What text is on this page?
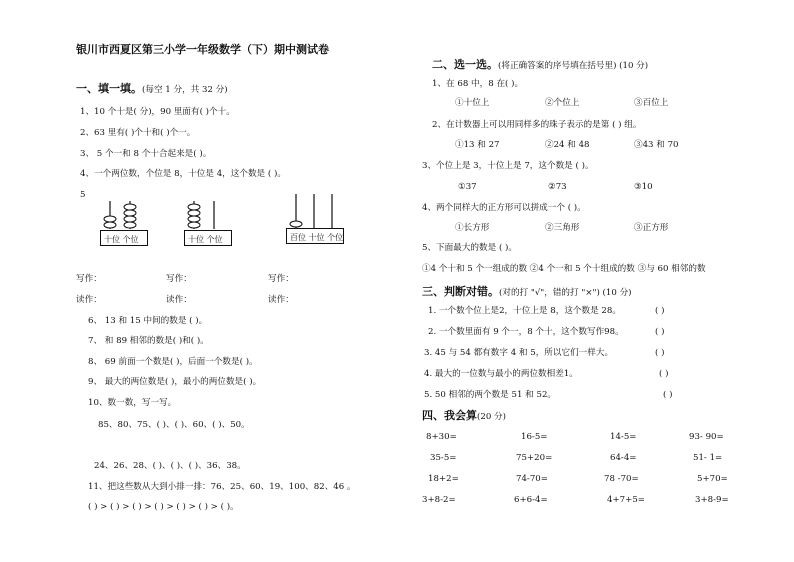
银川市西夏区第三小学一年级数学（下）期中测试卷
一、填一填。(每空 1 分，共 32 分)
1、10 个十是( 分)，90 里面有( )个十。
2、63 里有( )个十和( )个一。
3、 5 个一和 8 个十合起来是( )。
4、一个两位数，个位是 8，十位是 4，这个数是 ( )。
5
十位 个位	十位 个位	百位 十位 个位
写作：	写作：	写作：
读作：	读作：	读作：
6、 13 和 15 中间的数是 ( )。
7、 和 89 相邻的数是( )和( )。
8、 69 前面一个数是( )，后面一个数是( )。
9、 最大的两位数是( )，最小的两位数是( )。
10、数一数，写一写。
85、80、75、( )、( )、60、( )、50。
24、26、28、( )、( )、( )、36、38。
11、把这些数从大到小排一排：76、25、60、19、100、82、46 。
( ) > ( ) > ( ) > ( ) > ( ) > ( ) > ( )。
二、选一选。(将正确答案的序号填在括号里) (10 分)
1、在 68 中，8 在( )。
①十位上	②个位上	③百位上
2、在计数器上可以用同样多的珠子表示的是第 ( ) 组。
①13 和 27	②24 和 48	③43 和 70
3、个位上是 3，十位上是 7，这个数是 ( )。
①37	②73	③10
4、两个同样大的正方形可以拼成一个 ( )。
①长方形	②三角形	③正方形
5、下面最大的数是 ( )。
①4 个十和 5 个一组成的数 ②4 个一和 5 个十组成的数 ③与 60 相邻的数
三、判断对错。(对的打 "√"，错的打 "×") (10 分)
1. 一个数个位上是2，十位上是 8，这个数是 28。	( )
2. 一个数里面有 9 个一，8 个十，这个数写作98。	( )
3. 45 与 54 都有数字 4 和 5，所以它们一样大。	( )
4. 最大的一位数与最小的两位数相差1。	( )
5. 50 相邻的两个数是 51 和 52。	( )
四、我会算(20 分)
8+30=	16-5=	14-5=	93- 90=
35-5=	75+20=	64-4=	51- 1=
18+2=	74-70=	78 -70=	5+70=
3+8-2=	6+6-4=	4+7+5=	3+8-9=
